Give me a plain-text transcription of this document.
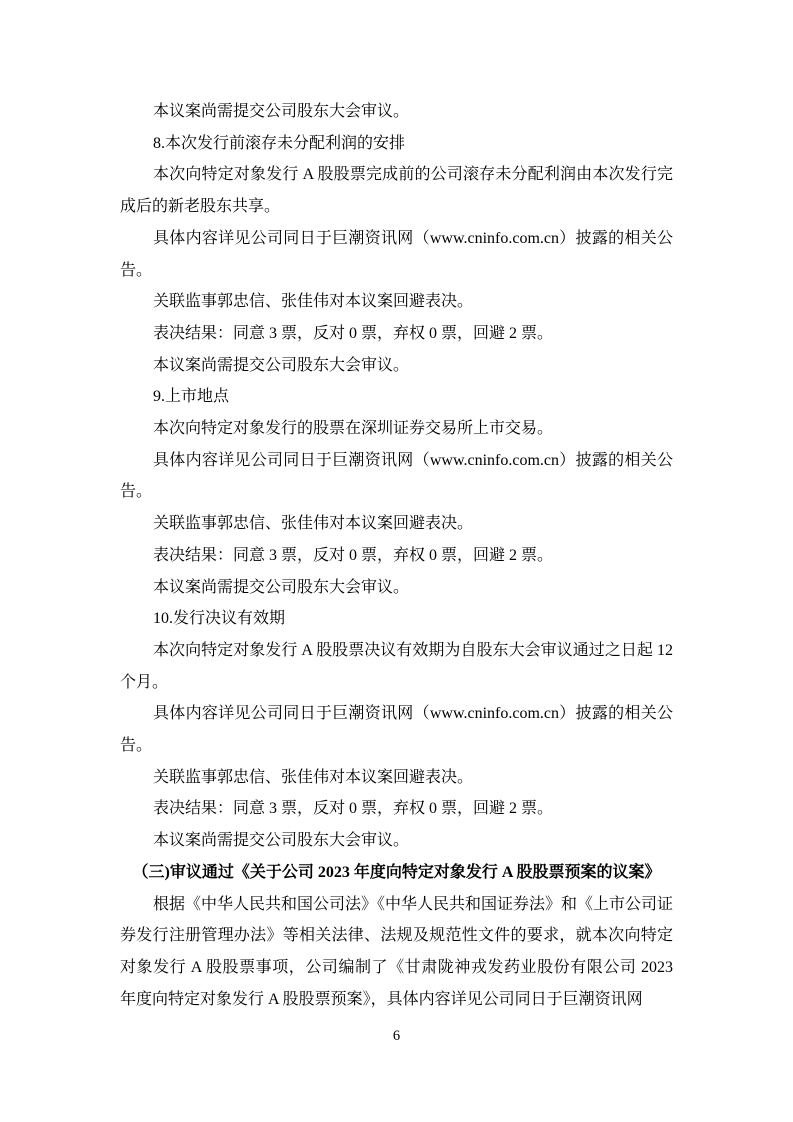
本议案尚需提交公司股东大会审议。

8.本次发行前滚存未分配利润的安排

本次向特定对象发行 A 股股票完成前的公司滚存未分配利润由本次发行完成后的新老股东共享。

具体内容详见公司同日于巨潮资讯网（www.cninfo.com.cn）披露的相关公告。

关联监事郭忠信、张佳伟对本议案回避表决。

表决结果：同意 3 票，反对 0 票，弃权 0 票，回避 2 票。

本议案尚需提交公司股东大会审议。

9.上市地点

本次向特定对象发行的股票在深圳证券交易所上市交易。

具体内容详见公司同日于巨潮资讯网（www.cninfo.com.cn）披露的相关公告。

关联监事郭忠信、张佳伟对本议案回避表决。

表决结果：同意 3 票，反对 0 票，弃权 0 票，回避 2 票。

本议案尚需提交公司股东大会审议。

10.发行决议有效期

本次向特定对象发行 A 股股票决议有效期为自股东大会审议通过之日起 12 个月。

具体内容详见公司同日于巨潮资讯网（www.cninfo.com.cn）披露的相关公告。

关联监事郭忠信、张佳伟对本议案回避表决。

表决结果：同意 3 票，反对 0 票，弃权 0 票，回避 2 票。

本议案尚需提交公司股东大会审议。

（三)审议通过《关于公司 2023 年度向特定对象发行 A 股股票预案的议案》

根据《中华人民共和国公司法》《中华人民共和国证券法》和《上市公司证券发行注册管理办法》等相关法律、法规及规范性文件的要求，就本次向特定对象发行 A 股股票事项，公司编制了《甘肃陇神戎发药业股份有限公司 2023 年度向特定对象发行 A 股股票预案》，具体内容详见公司同日于巨潮资讯网

6
